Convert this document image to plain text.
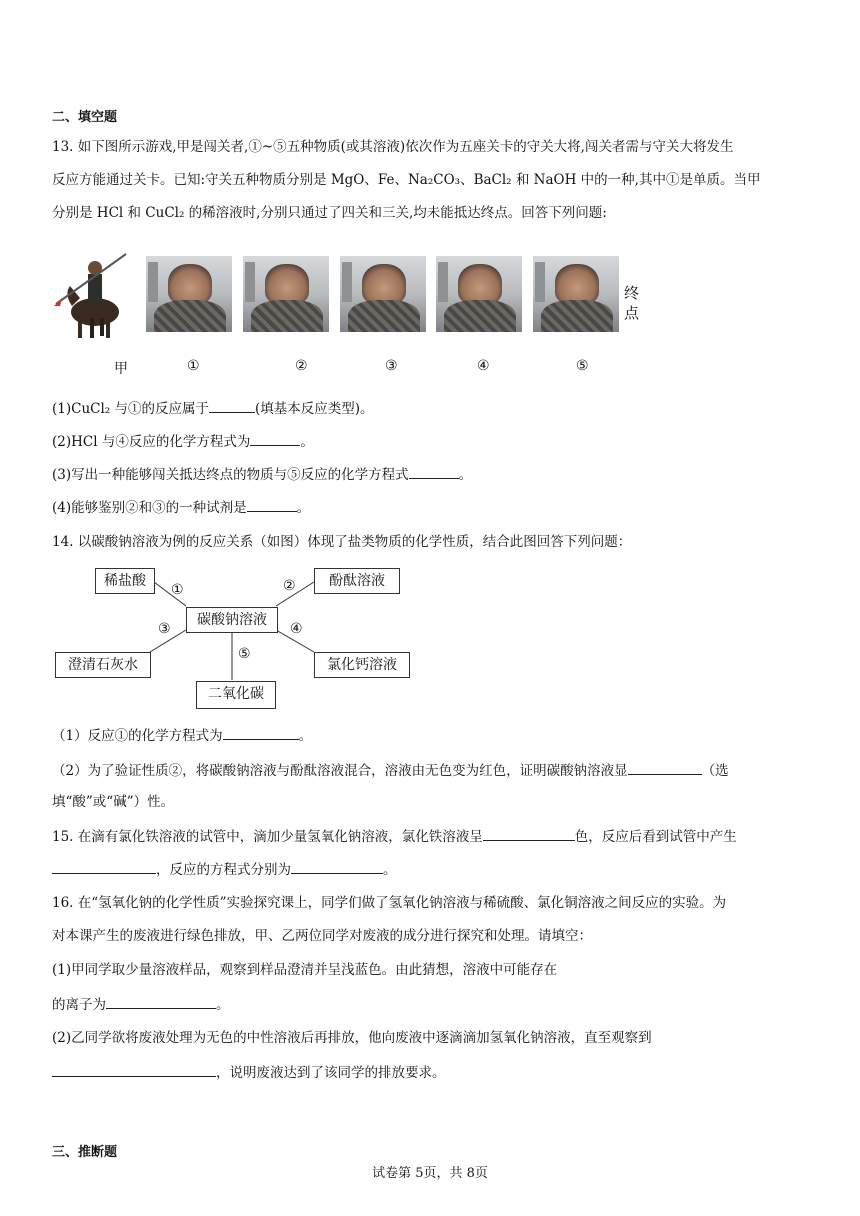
二、填空题
13. 如下图所示游戏,甲是闯关者,①~⑤五种物质(或其溶液)依次作为五座关卡的守关大将,闯关者需与守关大将发生
反应方能通过关卡。已知:守关五种物质分别是 MgO、Fe、Na₂CO₃、BaCl₂ 和 NaOH 中的一种,其中①是单质。当甲
分别是 HCl 和 CuCl₂ 的稀溶液时,分别只通过了四关和三关,均未能抵达终点。回答下列问题:
终
点
甲	①	②	③	④	⑤
(1)CuCl₂ 与①的反应属于	(填基本反应类型)。
(2)HCl 与④反应的化学方程式为	。
(3)写出一种能够闯关抵达终点的物质与⑤反应的化学方程式	。
(4)能够鉴别②和③的一种试剂是	。
14. 以碳酸钠溶液为例的反应关系（如图）体现了盐类物质的化学性质，结合此图回答下列问题：
稀盐酸	酚酞溶液
碳酸钠溶液
澄清石灰水	氯化钙溶液
二氧化碳
①	②
③	④
⑤
（1）反应①的化学方程式为	。
（2）为了验证性质②，将碳酸钠溶液与酚酞溶液混合，溶液由无色变为红色，证明碳酸钠溶液显	（选
填“酸”或“碱”）性。
15. 在滴有氯化铁溶液的试管中，滴加少量氢氧化钠溶液，氯化铁溶液呈	色，反应后看到试管中产生
，反应的方程式分别为	。
16. 在“氢氧化钠的化学性质”实验探究课上，同学们做了氢氧化钠溶液与稀硫酸、氯化铜溶液之间反应的实验。为
对本课产生的废液进行绿色排放，甲、乙两位同学对废液的成分进行探究和处理。请填空：
(1)甲同学取少量溶液样品，观察到样品澄清并呈浅蓝色。由此猜想，溶液中可能存在
的离子为	。
(2)乙同学欲将废液处理为无色的中性溶液后再排放，他向废液中逐滴滴加氢氧化钠溶液，直至观察到
，说明废液达到了该同学的排放要求。
三、推断题
试卷第 5页，共 8页
